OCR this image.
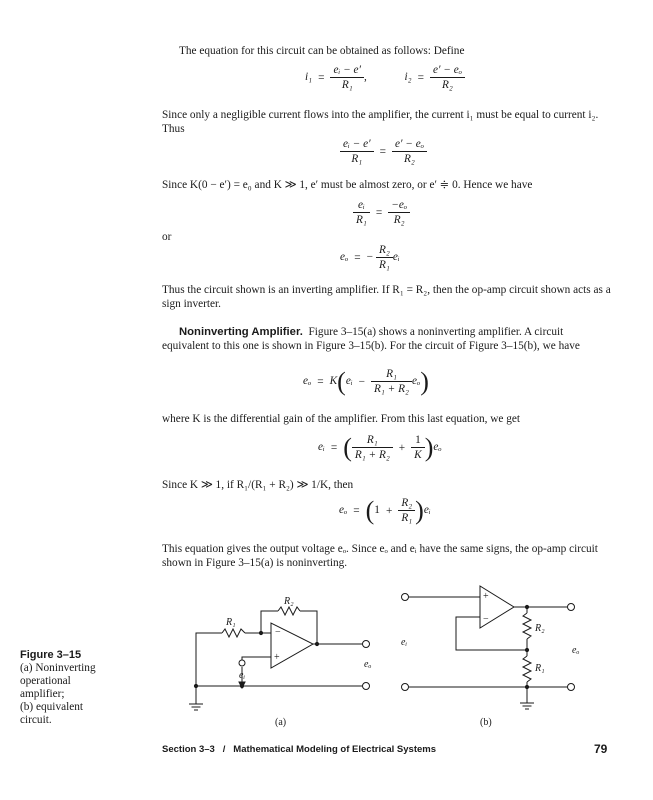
The equation for this circuit can be obtained as follows: Define

$i_1 = \frac{\text{eᵢ − e′}}{\text{R₁}}$ ,	$i_2 = \frac{\text{e′ − eₒ}}{\text{R₂}}$

Since only a negligible current flows into the amplifier, the current i₁ must be equal to current i₂. Thus

$\frac{\text{eᵢ − e′}}{\text{R₁}} = \frac{\text{e′ − eₒ}}{\text{R₂}}$

Since K(0 − e′) = e₀ and K ≫ 1, e′ must be almost zero, or e′ ≑ 0. Hence we have

$\frac{\text{eᵢ}}{\text{R₁}} = \frac{\text{−eₒ}}{\text{R₂}}$

or

eₒ = − $\frac{\text{R₂}}{\text{R₁}}$ eᵢ

Thus the circuit shown is an inverting amplifier. If R₁ = R₂, then the op-amp circuit shown acts as a sign inverter.

Noninverting Amplifier. Figure 3–15(a) shows a noninverting amplifier. A circuit equivalent to this one is shown in Figure 3–15(b). For the circuit of Figure 3–15(b), we have

eₒ = K(eᵢ − $\frac{\text{R₁}}{\text{R₁ + R₂}} e_o$)

where K is the differential gain of the amplifier. From this last equation, we get

eᵢ = ( $\frac{\text{R₁}}{\text{R₁ + R₂}} + \frac{1}{K} )e_o$

Since K ≫ 1, if R₁/(R₁ + R₂) ≫ 1/K, then

$e_o = (1 + \frac{\text{R₂}}{\text{R₁}}$ )eᵢ

This equation gives the output voltage eₒ. Since eₒ and eᵢ have the same signs, the op-amp circuit shown in Figure 3–15(a) is noninverting.

Figure 3–15
(a) Noninverting
operational
amplifier;
(b) equivalent
circuit.
R₂
R₁
−
+
eᵢ
eₒ
+
−
R₂
R₁
eᵢ
eₒ
(a)	(b)
Section 3–3   /   Mathematical Modeling of Electrical Systems	79
